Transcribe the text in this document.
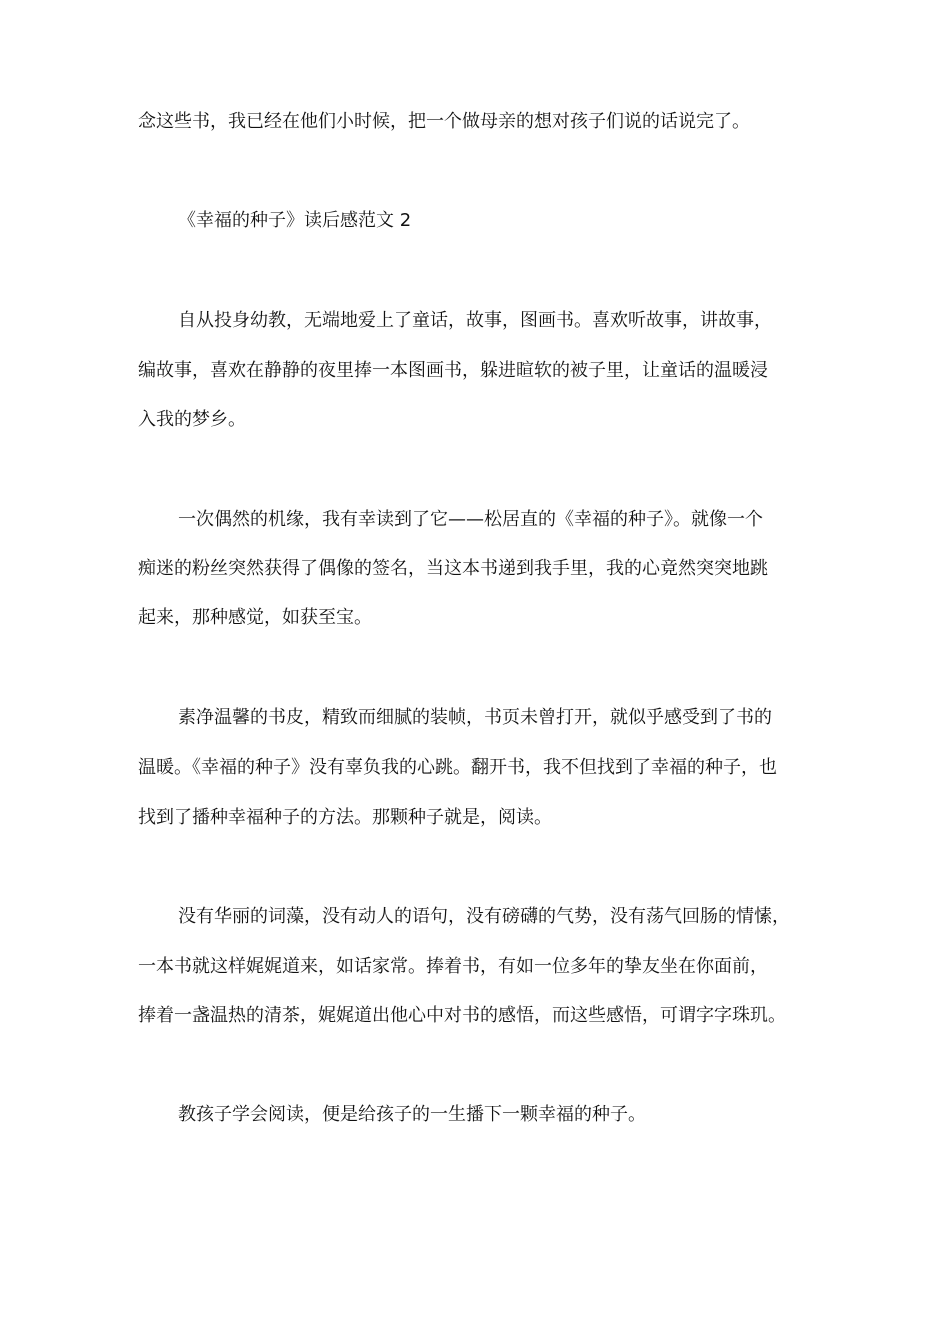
念这些书，我已经在他们小时候，把一个做母亲的想对孩子们说的话说完了。
《幸福的种子》读后感范文 2
自从投身幼教，无端地爱上了童话，故事，图画书。喜欢听故事，讲故事，
编故事，喜欢在静静的夜里捧一本图画书，躲进暄软的被子里，让童话的温暖浸
入我的梦乡。
一次偶然的机缘，我有幸读到了它——松居直的《幸福的种子》。就像一个
痴迷的粉丝突然获得了偶像的签名，当这本书递到我手里，我的心竟然突突地跳
起来，那种感觉，如获至宝。
素净温馨的书皮，精致而细腻的装帧，书页未曾打开，就似乎感受到了书的
温暖。《幸福的种子》没有辜负我的心跳。翻开书，我不但找到了幸福的种子，也
找到了播种幸福种子的方法。那颗种子就是，阅读。
没有华丽的词藻，没有动人的语句，没有磅礴的气势，没有荡气回肠的情愫，
一本书就这样娓娓道来，如话家常。捧着书，有如一位多年的挚友坐在你面前，
捧着一盏温热的清茶，娓娓道出他心中对书的感悟，而这些感悟，可谓字字珠玑。
教孩子学会阅读，便是给孩子的一生播下一颗幸福的种子。
